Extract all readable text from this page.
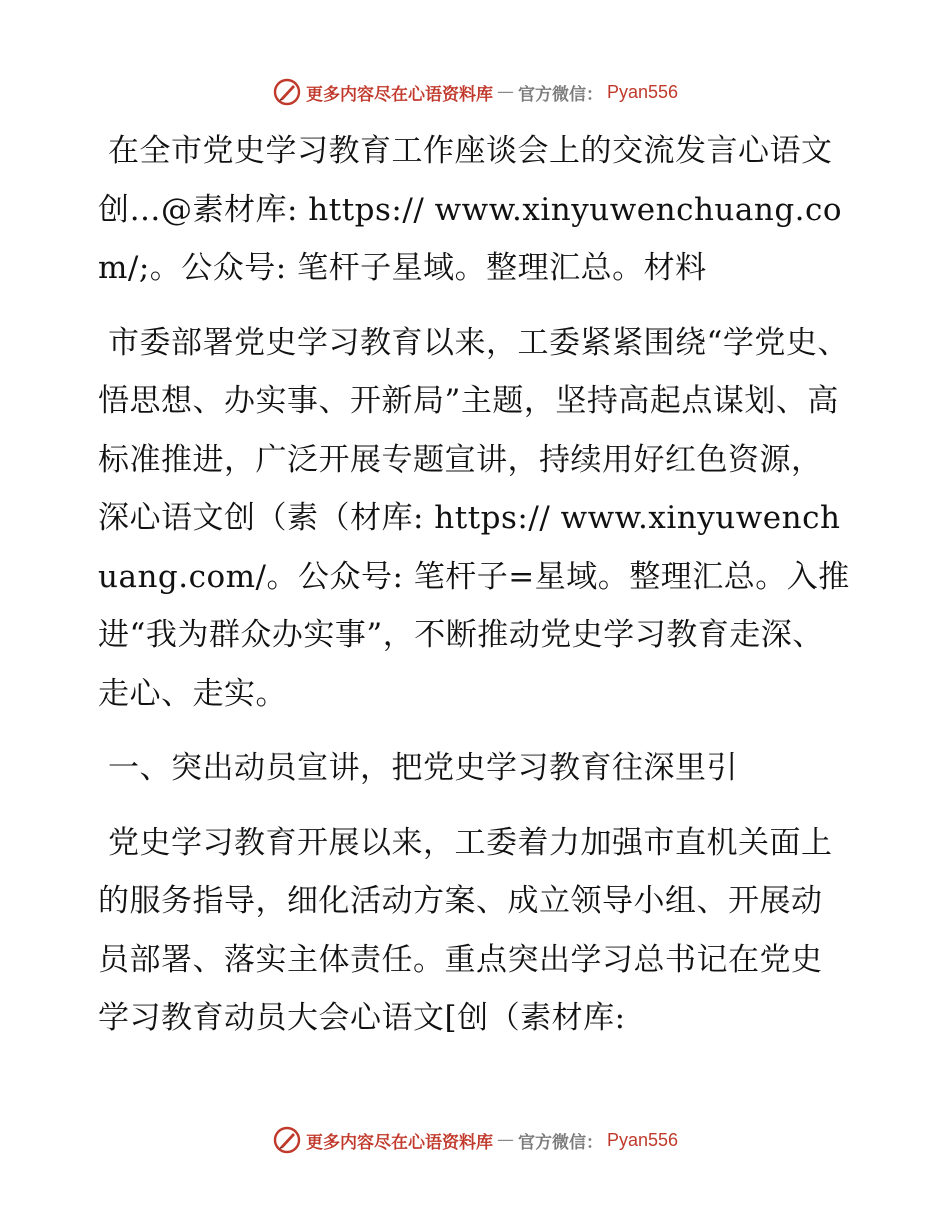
更多内容尽在心语资料库 — 官方微信： Pyan556

在全市党史学习教育工作座谈会上的交流发言心语文创…@素材库: https:// www.xinyuwenchuang.com/;。公众号: 笔杆子星域。整理汇总。材料

市委部署党史学习教育以来，工委紧紧围绕“学党史、悟思想、办实事、开新局”主题，坚持高起点谋划、高标准推进，广泛开展专题宣讲，持续用好红色资源，深心语文创（素（材库: https:// www.xinyuwenchuang.com/。公众号: 笔杆子=星域。整理汇总。入推进“我为群众办实事”，不断推动党史学习教育走深、走心、走实。

一、突出动员宣讲，把党史学习教育往深里引

党史学习教育开展以来，工委着力加强市直机关面上的服务指导，细化活动方案、成立领导小组、开展动员部署、落实主体责任。重点突出学习总书记在党史学习教育动员大会心语文[创（素材库:

更多内容尽在心语资料库 — 官方微信： Pyan556
